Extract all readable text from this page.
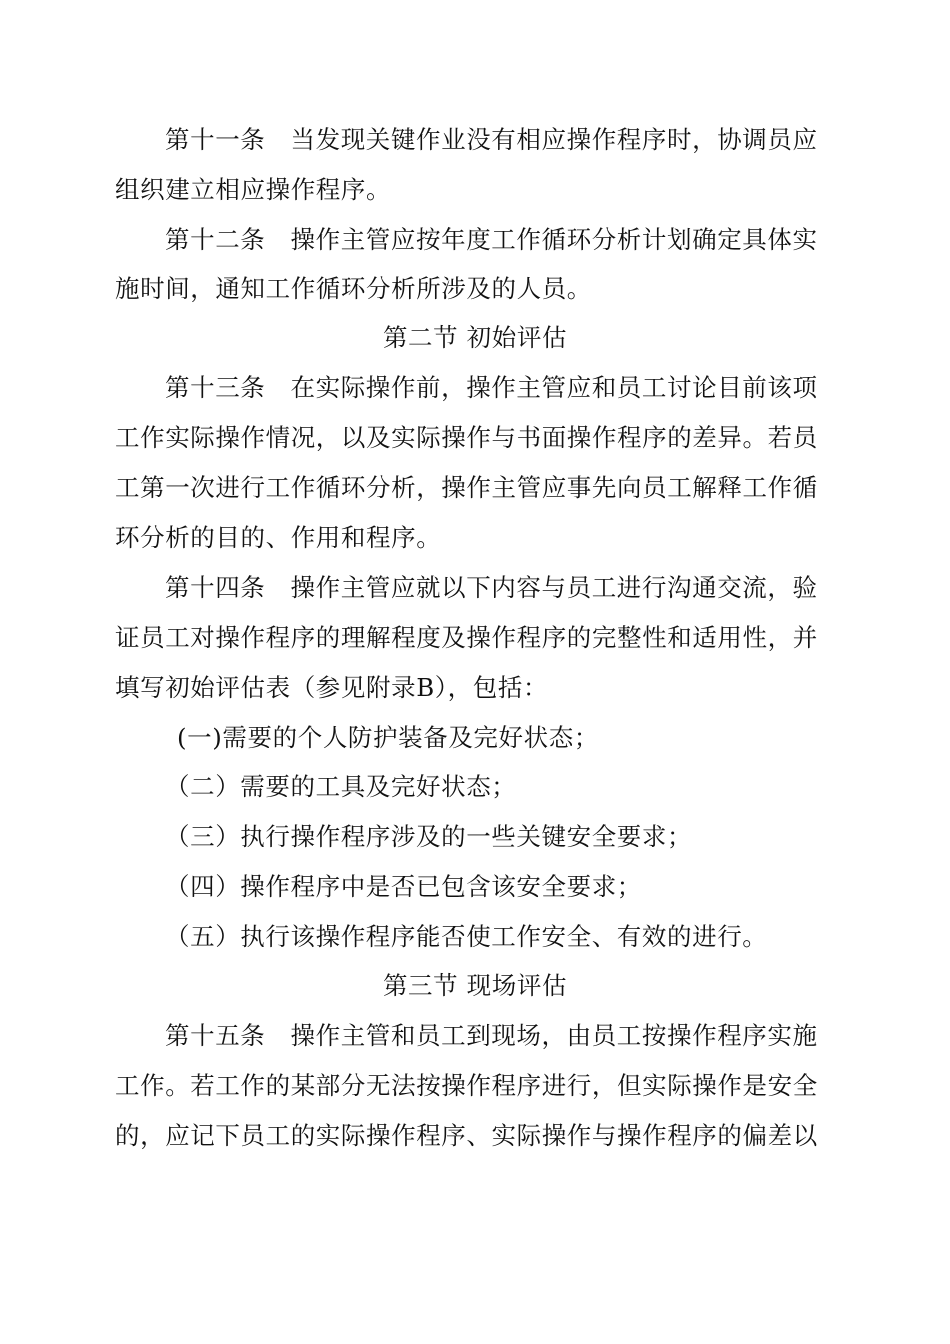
第十一条　当发现关键作业没有相应操作程序时，协调员应
组织建立相应操作程序。
第十二条　操作主管应按年度工作循环分析计划确定具体实
施时间，通知工作循环分析所涉及的人员。
第二节 初始评估
第十三条　在实际操作前，操作主管应和员工讨论目前该项
工作实际操作情况，以及实际操作与书面操作程序的差异。若员
工第一次进行工作循环分析，操作主管应事先向员工解释工作循
环分析的目的、作用和程序。
第十四条　操作主管应就以下内容与员工进行沟通交流，验
证员工对操作程序的理解程度及操作程序的完整性和适用性，并
填写初始评估表（参见附录B），包括：
(一)需要的个人防护装备及完好状态；
（二）需要的工具及完好状态；
（三）执行操作程序涉及的一些关键安全要求；
（四）操作程序中是否已包含该安全要求；
（五）执行该操作程序能否使工作安全、有效的进行。
第三节 现场评估
第十五条　操作主管和员工到现场，由员工按操作程序实施
工作。若工作的某部分无法按操作程序进行，但实际操作是安全
的，应记下员工的实际操作程序、实际操作与操作程序的偏差以
